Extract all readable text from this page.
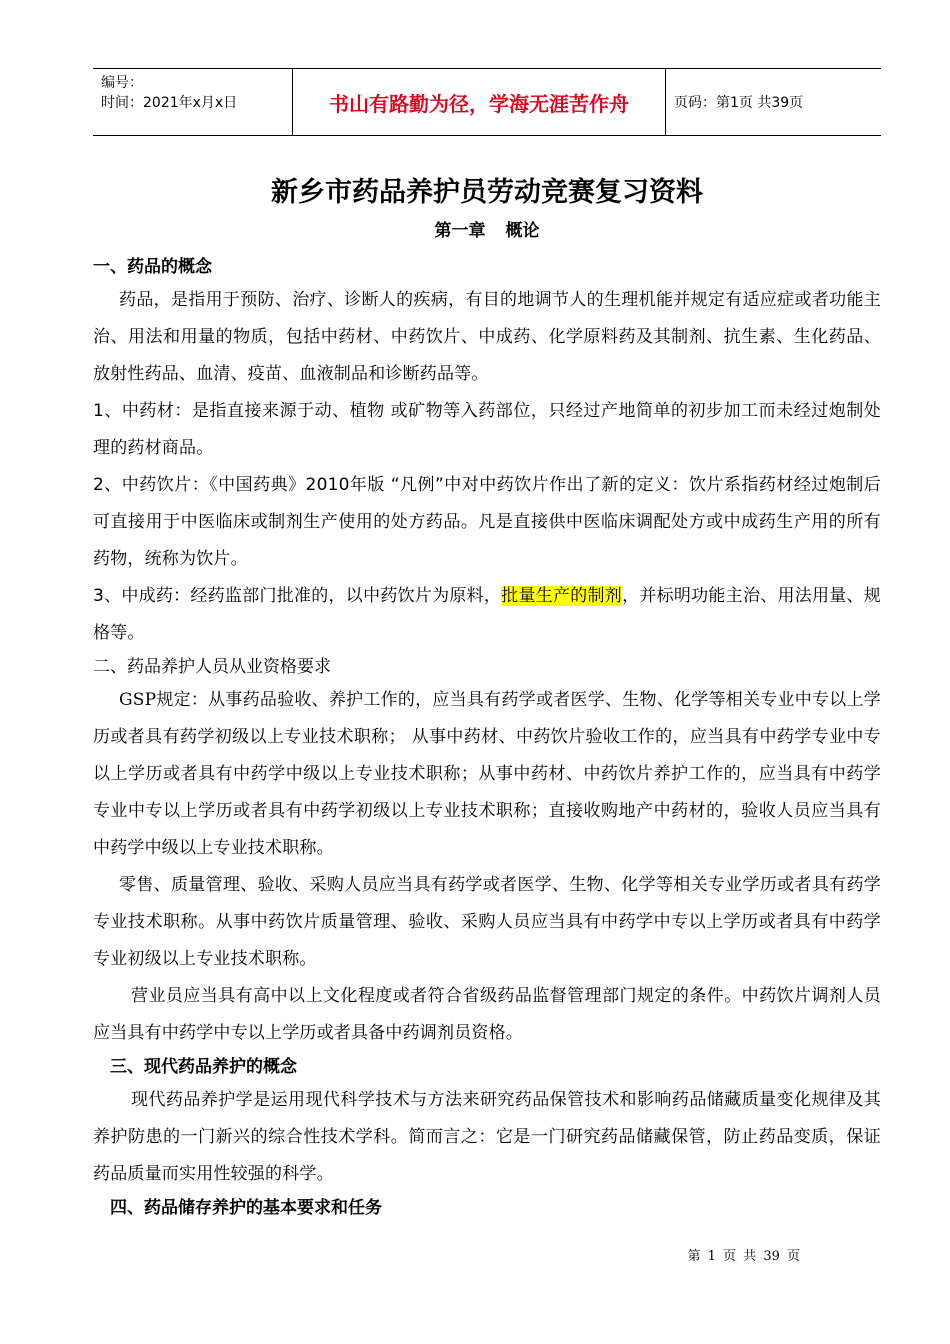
编号：
时间：2021年x月x日	书山有路勤为径，学海无涯苦作舟	页码：第1页 共39页
新乡市药品养护员劳动竞赛复习资料
第一章 概论
一、药品的概念

药品，是指用于预防、治疗、诊断人的疾病，有目的地调节人的生理机能并规定有适应症或者功能主治、用法和用量的物质，包括中药材、中药饮片、中成药、化学原料药及其制剂、抗生素、生化药品、放射性药品、血清、疫苗、血液制品和诊断药品等。

1、中药材：是指直接来源于动、植物 或矿物等入药部位，只经过产地简单的初步加工而未经过炮制处理的药材商品。

2、中药饮片：《中国药典》2010年版 “凡例”中对中药饮片作出了新的定义：饮片系指药材经过炮制后可直接用于中医临床或制剂生产使用的处方药品。凡是直接供中医临床调配处方或中成药生产用的所有药物，统称为饮片。

3、中成药：经药监部门批准的，以中药饮片为原料，批量生产的制剂，并标明功能主治、用法用量、规格等。

二、药品养护人员从业资格要求

GSP规定：从事药品验收、养护工作的，应当具有药学或者医学、生物、化学等相关专业中专以上学历或者具有药学初级以上专业技术职称； 从事中药材、中药饮片验收工作的，应当具有中药学专业中专以上学历或者具有中药学中级以上专业技术职称；从事中药材、中药饮片养护工作的，应当具有中药学专业中专以上学历或者具有中药学初级以上专业技术职称；直接收购地产中药材的，验收人员应当具有中药学中级以上专业技术职称。

零售、质量管理、验收、采购人员应当具有药学或者医学、生物、化学等相关专业学历或者具有药学专业技术职称。从事中药饮片质量管理、验收、采购人员应当具有中药学中专以上学历或者具有中药学专业初级以上专业技术职称。

营业员应当具有高中以上文化程度或者符合省级药品监督管理部门规定的条件。中药饮片调剂人员应当具有中药学中专以上学历或者具备中药调剂员资格。

三、现代药品养护的概念

现代药品养护学是运用现代科学技术与方法来研究药品保管技术和影响药品储藏质量变化规律及其养护防患的一门新兴的综合性技术学科。简而言之：它是一门研究药品储藏保管，防止药品变质，保证药品质量而实用性较强的科学。

四、药品储存养护的基本要求和任务
第 1 页 共 39 页
